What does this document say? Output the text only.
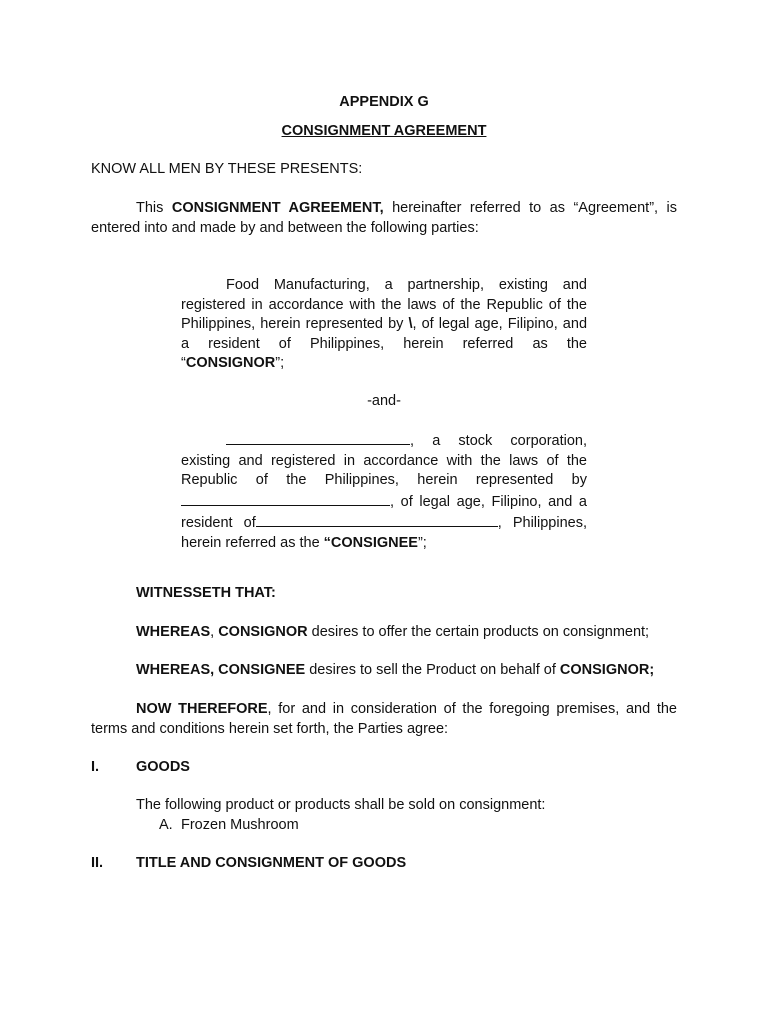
APPENDIX G
CONSIGNMENT AGREEMENT
KNOW ALL MEN BY THESE PRESENTS:
This CONSIGNMENT AGREEMENT, hereinafter referred to as “Agreement”, is entered into and made by and between the following parties:
Food Manufacturing, a partnership, existing and registered in accordance with the laws of the Republic of the Philippines, herein represented by \, of legal age, Filipino, and a resident of Philippines, herein referred as the “CONSIGNOR”;
-and-
, a stock corporation, existing and registered in accordance with the laws of the Republic of the Philippines, herein represented by , of legal age, Filipino, and a resident of	, Philippines, herein referred as the “CONSIGNEE”;
WITNESSETH THAT:
WHEREAS, CONSIGNOR desires to offer the certain products on consignment;
WHEREAS, CONSIGNEE desires to sell the Product on behalf of CONSIGNOR;
NOW THEREFORE, for and in consideration of the foregoing premises, and the terms and conditions herein set forth, the Parties agree:
I.	GOODS
The following product or products shall be sold on consignment:
A. Frozen Mushroom
II. TITLE AND CONSIGNMENT OF GOODS
